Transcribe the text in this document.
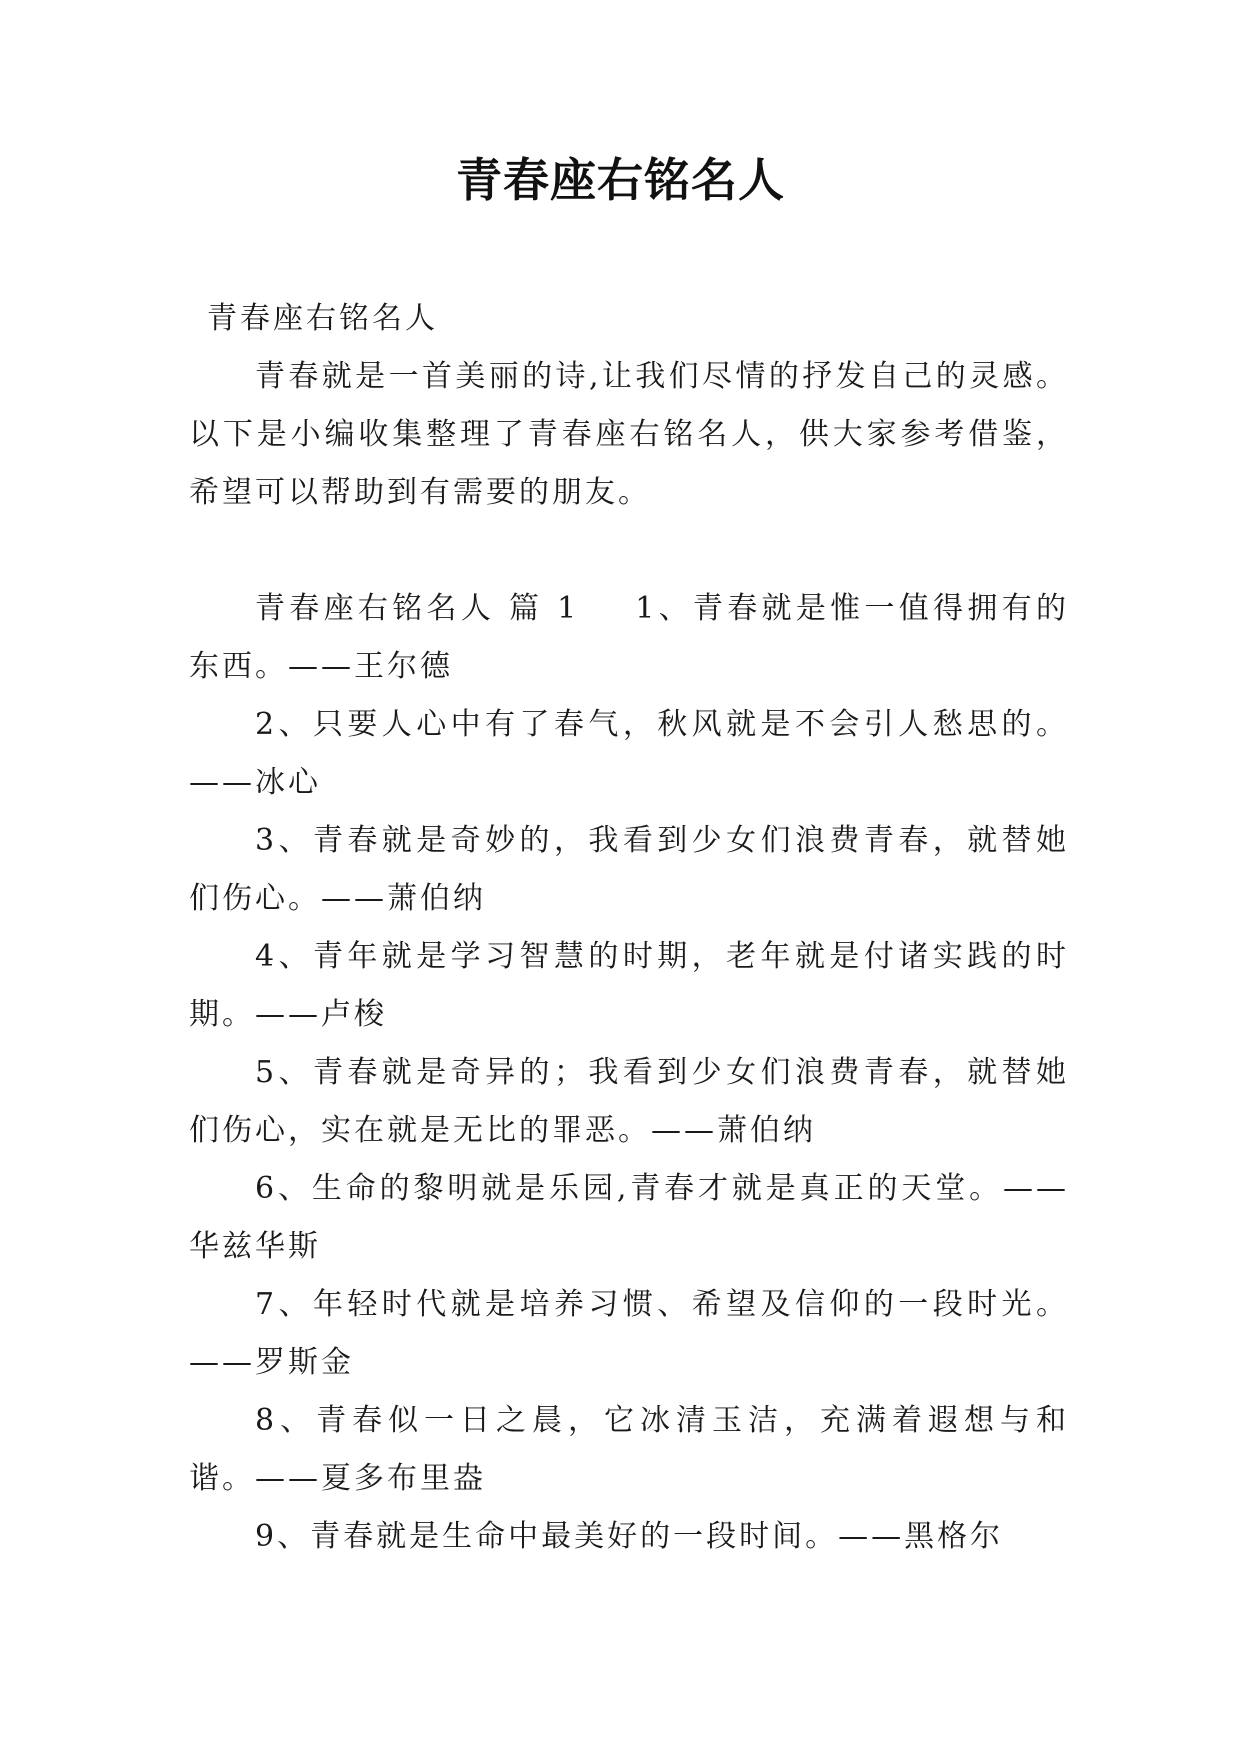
青春座右铭名人

青春座右铭名人

青春就是一首美丽的诗,让我们尽情的抒发自己的灵感。以下是小编收集整理了青春座右铭名人，供大家参考借鉴，希望可以帮助到有需要的朋友。

青春座右铭名人 篇 1 1、青春就是惟一值得拥有的东西。——王尔德

2、只要人心中有了春气，秋风就是不会引人愁思的。——冰心

3、青春就是奇妙的，我看到少女们浪费青春，就替她们伤心。——萧伯纳

4、青年就是学习智慧的时期，老年就是付诸实践的时期。——卢梭

5、青春就是奇异的；我看到少女们浪费青春，就替她们伤心，实在就是无比的罪恶。——萧伯纳

6、生命的黎明就是乐园,青春才就是真正的天堂。——华兹华斯

7、年轻时代就是培养习惯、希望及信仰的一段时光。——罗斯金

8、青春似一日之晨，它冰清玉洁，充满着遐想与和谐。——夏多布里盎

9、青春就是生命中最美好的一段时间。——黑格尔
